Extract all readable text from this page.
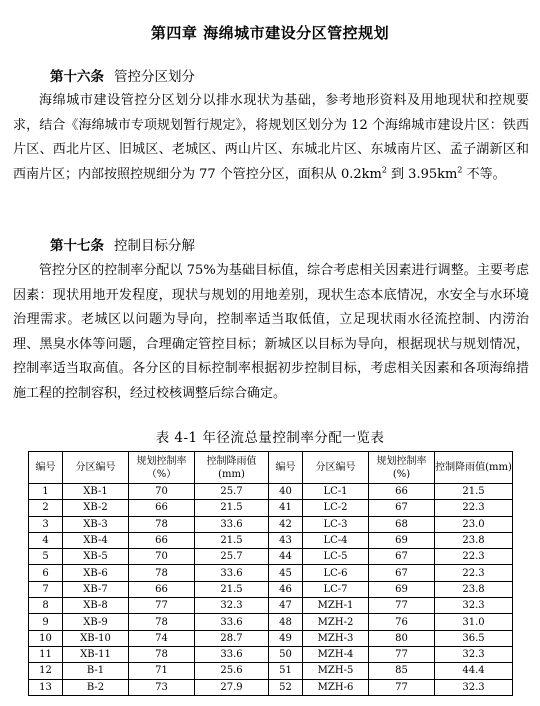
第四章 海绵城市建设分区管控规划
第十六条 管控分区划分
海绵城市建设管控分区划分以排水现状为基础，参考地形资料及用地现状和控规要求，结合《海绵城市专项规划暂行规定》，将规划区划分为 12 个海绵城市建设片区：铁西片区、西北片区、旧城区、老城区、两山片区、东城北片区、东城南片区、孟子湖新区和西南片区；内部按照控规细分为 77 个管控分区，面积从 $0.2km^2$ 到 $3.95km^2$ 不等。
第十七条 控制目标分解
管控分区的控制率分配以 75%为基础目标值，综合考虑相关因素进行调整。主要考虑因素：现状用地开发程度，现状与规划的用地差别，现状生态本底情况，水安全与水环境治理需求。老城区以问题为导向，控制率适当取低值，立足现状雨水径流控制、内涝治理、黑臭水体等问题，合理确定管控目标；新城区以目标为导向，根据现状与规划情况，控制率适当取高值。各分区的目标控制率根据初步控制目标，考虑相关因素和各项海绵措施工程的控制容积，经过校核调整后综合确定。
表 4-1 年径流总量控制率分配一览表
编号	分区编号	规划控制率（%）	控制降雨值(mm)	编号	分区编号	规划控制率(%)	控制降雨值(mm)
1	XB-1	70	25.7	40	LC-1	66	21.5
2	XB-2	66	21.5	41	LC-2	67	22.3
3	XB-3	78	33.6	42	LC-3	68	23.0
4	XB-4	66	21.5	43	LC-4	69	23.8
5	XB-5	70	25.7	44	LC-5	67	22.3
6	XB-6	78	33.6	45	LC-6	67	22.3
7	XB-7	66	21.5	46	LC-7	69	23.8
8	XB-8	77	32.3	47	MZH-1	77	32.3
9	XB-9	78	33.6	48	MZH-2	76	31.0
10	XB-10	74	28.7	49	MZH-3	80	36.5
11	XB-11	78	33.6	50	MZH-4	77	32.3
12	B-1	71	25.6	51	MZH-5	85	44.4
13	B-2	73	27.9	52	MZH-6	77	32.3
